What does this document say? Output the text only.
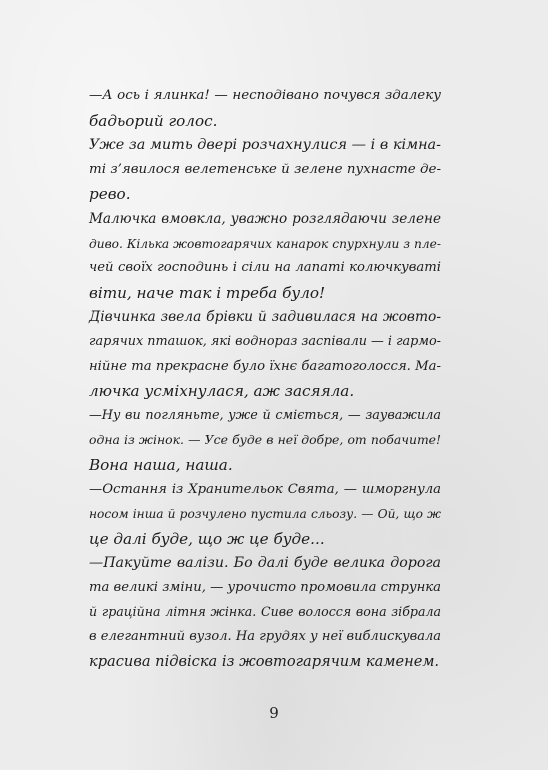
—А ось і ялинка! — несподівано почувся здалеку
бадьорий голос.
Уже за мить двері розчахнулися — і в кімна-
ті з’явилося велетенське й зелене пухнасте де-
рево.
Малючка вмовкла, уважно розглядаючи зелене
диво. Кілька жовтогарячих канарок спурхнули з пле-
чей своїх господинь і сіли на лапаті колючкуваті
віти, наче так і треба було!
Дівчинка звела брівки й задивилася на жовто-
гарячих пташок, які воднораз заспівали — і гармо-
нійне та прекрасне було їхнє багатоголосся. Ма-
лючка усміхнулася, аж засяяла.
—Ну ви погляньте, уже й сміється, — зауважила
одна із жінок. — Усе буде в неї добре, от побачите!
Вона наша, наша.
—Остання із Хранительок Свята, — шморгнула
носом інша й розчулено пустила сльозу. — Ой, що ж
це далі буде, що ж це буде...
—Пакуйте валізи. Бо далі буде велика дорога
та великі зміни, — урочисто промовила струнка
й граційна літня жінка. Сиве волосся вона зібрала
в елегантний вузол. На грудях у неї виблискувала
красива підвіска із жовтогарячим каменем.
9
